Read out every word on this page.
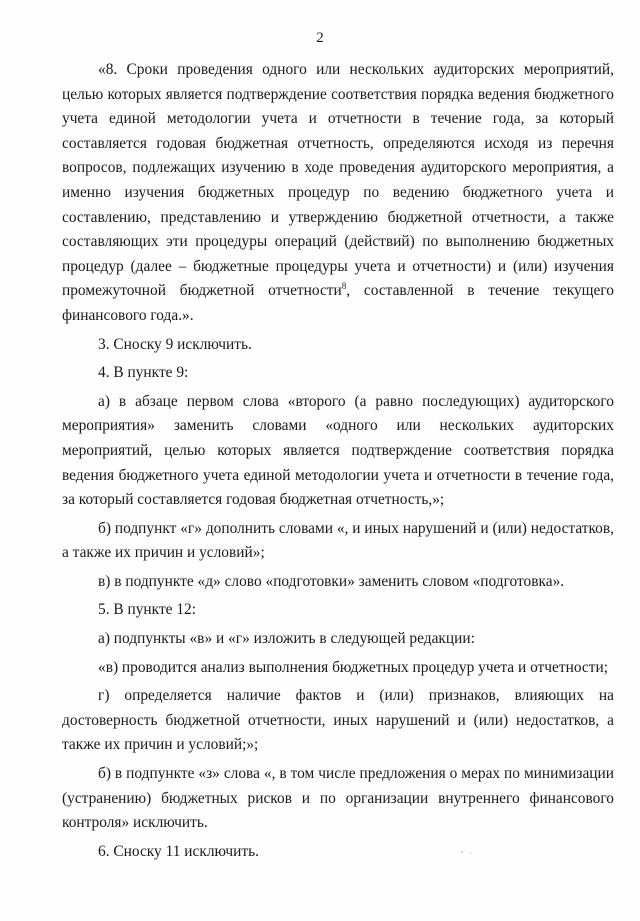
2

«8. Сроки проведения одного или нескольких аудиторских мероприятий, целью которых является подтверждение соответствия порядка ведения бюджетного учета единой методологии учета и отчетности в течение года, за который составляется годовая бюджетная отчетность, определяются исходя из перечня вопросов, подлежащих изучению в ходе проведения аудиторского мероприятия, а именно изучения бюджетных процедур по ведению бюджетного учета и составлению, представлению и утверждению бюджетной отчетности, а также составляющих эти процедуры операций (действий) по выполнению бюджетных процедур (далее – бюджетные процедуры учета и отчетности) и (или) изучения промежуточной бюджетной отчетности$^8$, составленной в течение текущего финансового года.».

3. Сноску 9 исключить.

4. В пункте 9:

а) в абзаце первом слова «второго (а равно последующих) аудиторского мероприятия» заменить словами «одного или нескольких аудиторских мероприятий, целью которых является подтверждение соответствия порядка ведения бюджетного учета единой методологии учета и отчетности в течение года, за который составляется годовая бюджетная отчетность,»;

б) подпункт «г» дополнить словами «, и иных нарушений и (или) недостатков, а также их причин и условий»;

в) в подпункте «д» слово «подготовки» заменить словом «подготовка».

5. В пункте 12:

а) подпункты «в» и «г» изложить в следующей редакции:

«в) проводится анализ выполнения бюджетных процедур учета и отчетности;

г) определяется наличие фактов и (или) признаков, влияющих на достоверность бюджетной отчетности, иных нарушений и (или) недостатков, а также их причин и условий;»;

б) в подпункте «з» слова «, в том числе предложения о мерах по минимизации (устранению) бюджетных рисков и по организации внутреннего финансового контроля» исключить.

6. Сноску 11 исключить.
